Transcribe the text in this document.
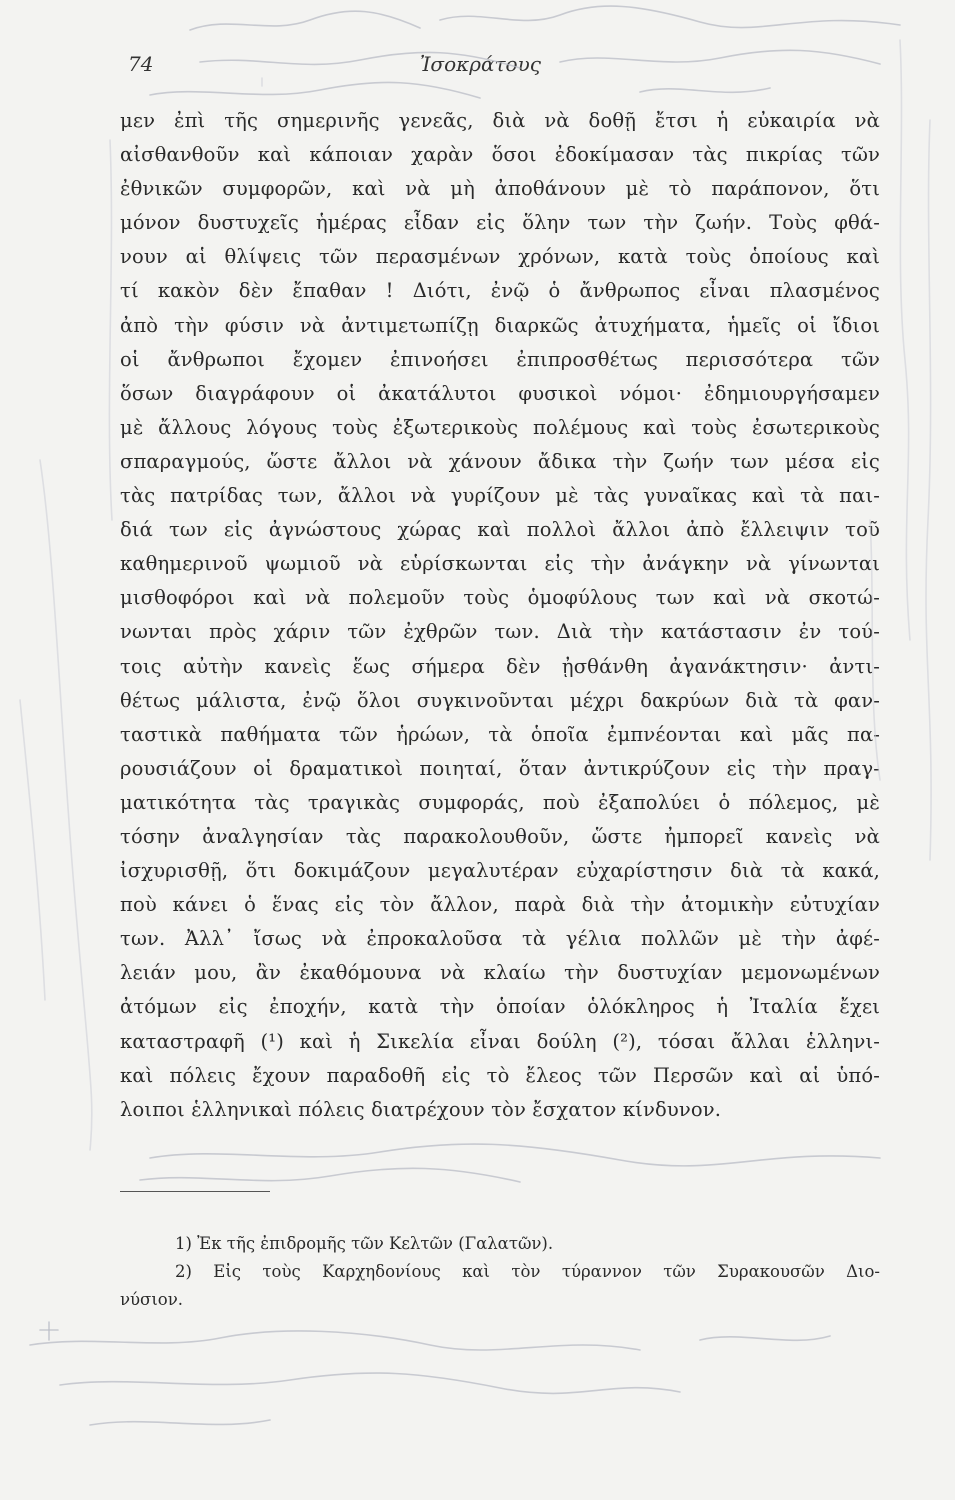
74	Ἰσοκράτους
μεν ἐπὶ τῆς σημερινῆς γενεᾶς, διὰ νὰ δοθῇ ἔτσι ἡ εὐκαιρία νὰ
αἰσθανθοῦν καὶ κάποιαν χαρὰν ὅσοι ἐδοκίμασαν τὰς πικρίας τῶν
ἐθνικῶν συμφορῶν, καὶ νὰ μὴ ἀποθάνουν μὲ τὸ παράπονον, ὅτι
μόνον δυστυχεῖς ἡμέρας εἶδαν εἰς ὅλην των τὴν ζωήν. Τοὺς φθά-
νουν αἱ θλίψεις τῶν περασμένων χρόνων, κατὰ τοὺς ὁποίους καὶ
τί κακὸν δὲν ἔπαθαν ! Διότι, ἐνῷ ὁ ἄνθρωπος εἶναι πλασμένος
ἀπὸ τὴν φύσιν νὰ ἀντιμετωπίζῃ διαρκῶς ἀτυχήματα, ἡμεῖς οἱ ἴδιοι
οἱ ἄνθρωποι ἔχομεν ἐπινοήσει ἐπιπροσθέτως περισσότερα τῶν
ὅσων διαγράφουν οἱ ἀκατάλυτοι φυσικοὶ νόμοι· ἐδημιουργήσαμεν
μὲ ἄλλους λόγους τοὺς ἐξωτερικοὺς πολέμους καὶ τοὺς ἐσωτερικοὺς
σπαραγμούς, ὥστε ἄλλοι νὰ χάνουν ἄδικα τὴν ζωήν των μέσα εἰς
τὰς πατρίδας των, ἄλλοι νὰ γυρίζουν μὲ τὰς γυναῖκας καὶ τὰ παι-
διά των εἰς ἀγνώστους χώρας καὶ πολλοὶ ἄλλοι ἀπὸ ἔλλειψιν τοῦ
καθημερινοῦ ψωμιοῦ νὰ εὑρίσκωνται εἰς τὴν ἀνάγκην νὰ γίνωνται
μισθοφόροι καὶ νὰ πολεμοῦν τοὺς ὁμοφύλους των καὶ νὰ σκοτώ-
νωνται πρὸς χάριν τῶν ἐχθρῶν των. Διὰ τὴν κατάστασιν ἐν τού-
τοις αὐτὴν κανεὶς ἕως σήμερα δὲν ᾐσθάνθη ἀγανάκτησιν· ἀντι-
θέτως μάλιστα, ἐνῷ ὅλοι συγκινοῦνται μέχρι δακρύων διὰ τὰ φαν-
ταστικὰ παθήματα τῶν ἡρώων, τὰ ὁποῖα ἐμπνέονται καὶ μᾶς πα-
ρουσιάζουν οἱ δραματικοὶ ποιηταί, ὅταν ἀντικρύζουν εἰς τὴν πραγ-
ματικότητα τὰς τραγικὰς συμφοράς, ποὺ ἐξαπολύει ὁ πόλεμος, μὲ
τόσην ἀναλγησίαν τὰς παρακολουθοῦν, ὥστε ἠμπορεῖ κανεὶς νὰ
ἰσχυρισθῇ, ὅτι δοκιμάζουν μεγαλυτέραν εὐχαρίστησιν διὰ τὰ κακά,
ποὺ κάνει ὁ ἕνας εἰς τὸν ἄλλον, παρὰ διὰ τὴν ἀτομικὴν εὐτυχίαν
των. Ἀλλ᾽ ἴσως νὰ ἐπροκαλοῦσα τὰ γέλια πολλῶν μὲ τὴν ἀφέ-
λειάν μου, ἂν ἐκαθόμουνα νὰ κλαίω τὴν δυστυχίαν μεμονωμένων
ἀτόμων εἰς ἐποχήν, κατὰ τὴν ὁποίαν ὁλόκληρος ἡ Ἰταλία ἔχει
καταστραφῆ (¹) καὶ ἡ Σικελία εἶναι δούλη (²), τόσαι ἄλλαι ἑλληνι-
καὶ πόλεις ἔχουν παραδοθῆ εἰς τὸ ἔλεος τῶν Περσῶν καὶ αἱ ὑπό-
λοιποι ἑλληνικαὶ πόλεις διατρέχουν τὸν ἔσχατον κίνδυνον.
1) Ἐκ τῆς ἐπιδρομῆς τῶν Κελτῶν (Γαλατῶν).
2) Εἰς τοὺς Καρχηδονίους καὶ τὸν τύραννον τῶν Συρακουσῶν Διο-
νύσιον.
